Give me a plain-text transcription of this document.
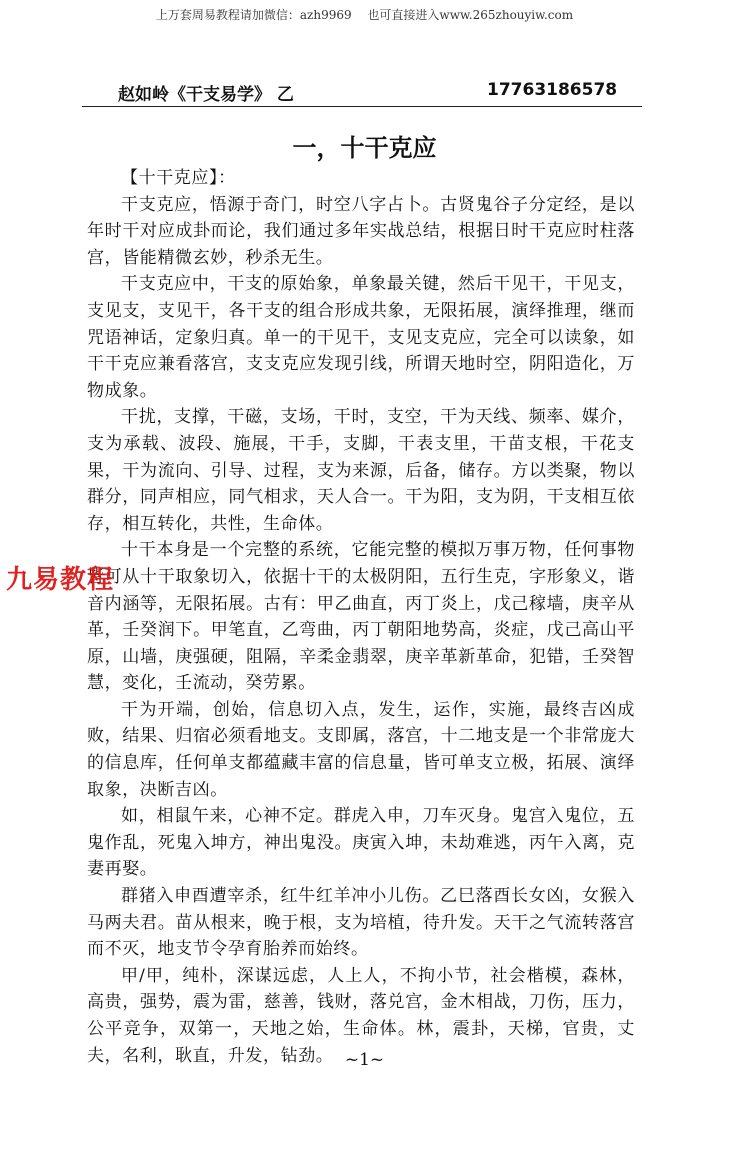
上万套周易教程请加微信：azh9969　 也可直接进入www.265zhouyiw.com
赵如岭《干支易学》 乙	17763186578
一，十干克应

【十干克应】：

干支克应，悟源于奇门，时空八字占卜。古贤鬼谷子分定经，是以年时干对应成卦而论，我们通过多年实战总结，根据日时干克应时柱落宫，皆能精微玄妙，秒杀无生。

干支克应中，干支的原始象，单象最关键，然后干见干，干见支，支见支，支见干，各干支的组合形成共象，无限拓展，演绎推理，继而咒语神话，定象归真。单一的干见干，支见支克应，完全可以读象，如干干克应兼看落宫，支支克应发现引线，所谓天地时空，阴阳造化，万物成象。

干扰，支撑，干磁，支场，干时，支空，干为天线、频率、媒介，支为承载、波段、施展，干手，支脚，干表支里，干苗支根，干花支果，干为流向、引导、过程，支为来源，后备，储存。方以类聚，物以群分，同声相应，同气相求，天人合一。干为阳，支为阴，干支相互依存，相互转化，共性，生命体。

十干本身是一个完整的系统，它能完整的模拟万事万物，任何事物皆可从十干取象切入，依据十干的太极阴阳，五行生克，字形象义，谐音内涵等，无限拓展。古有：甲乙曲直，丙丁炎上，戊己稼墙，庚辛从革，壬癸润下。甲笔直，乙弯曲，丙丁朝阳地势高，炎症，戊己高山平原，山墙，庚强硬，阻隔，辛柔金翡翠，庚辛革新革命，犯错，壬癸智慧，变化，壬流动，癸劳累。

干为开端，创始，信息切入点，发生，运作，实施，最终吉凶成败，结果、归宿必须看地支。支即属，落宫，十二地支是一个非常庞大的信息库，任何单支都蕴藏丰富的信息量，皆可单支立极，拓展、演绎取象，决断吉凶。

如，相鼠午来，心神不定。群虎入申，刀车灭身。鬼宫入鬼位，五鬼作乱，死鬼入坤方，神出鬼没。庚寅入坤，未劫难逃，丙午入离，克妻再娶。

群猪入申酉遭宰杀，红牛红羊冲小儿伤。乙巳落酉长女凶，女猴入马两夫君。苗从根来，晚于根，支为培植，待升发。天干之气流转落宫而不灭，地支节令孕育胎养而始终。

甲/甲，纯朴，深谋远虑，人上人，不拘小节，社会楷模，森林，高贵，强势，震为雷，慈善，钱财，落兑宫，金木相战，刀伤，压力，公平竞争，双第一，天地之始，生命体。林，震卦，天梯，官贵，丈夫，名利，耿直，升发，钻劲。

九易教程
~1~
